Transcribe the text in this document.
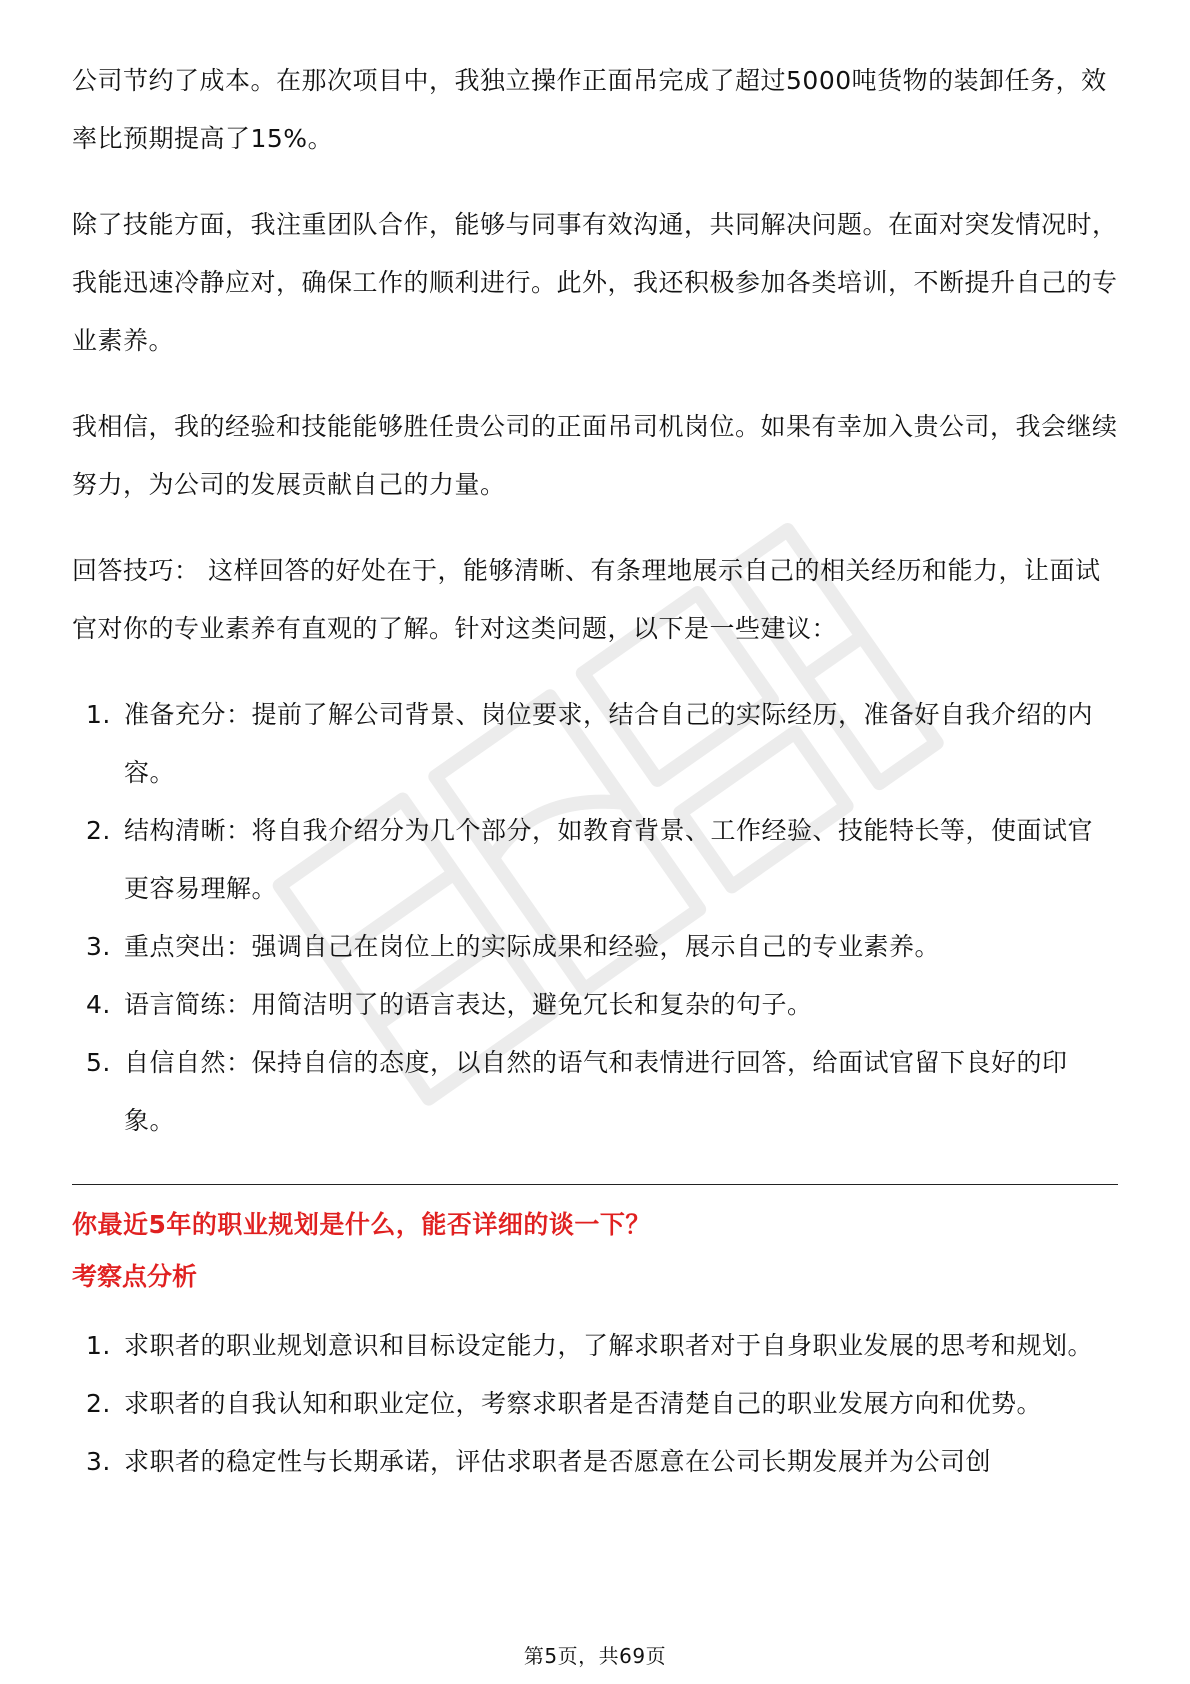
公司节约了成本。在那次项目中，我独立操作正面吊完成了超过5000吨货物的装卸任务，效率比预期提高了15%。

除了技能方面，我注重团队合作，能够与同事有效沟通，共同解决问题。在面对突发情况时，我能迅速冷静应对，确保工作的顺利进行。此外，我还积极参加各类培训，不断提升自己的专业素养。

我相信，我的经验和技能能够胜任贵公司的正面吊司机岗位。如果有幸加入贵公司，我会继续努力，为公司的发展贡献自己的力量。

回答技巧： 这样回答的好处在于，能够清晰、有条理地展示自己的相关经历和能力，让面试官对你的专业素养有直观的了解。针对这类问题，以下是一些建议：

1. 准备充分：提前了解公司背景、岗位要求，结合自己的实际经历，准备好自我介绍的内容。
2. 结构清晰：将自我介绍分为几个部分，如教育背景、工作经验、技能特长等，使面试官更容易理解。
3. 重点突出：强调自己在岗位上的实际成果和经验，展示自己的专业素养。
4. 语言简练：用简洁明了的语言表达，避免冗长和复杂的句子。
5. 自信自然：保持自信的态度，以自然的语气和表情进行回答，给面试官留下良好的印象。
你最近5年的职业规划是什么，能否详细的谈一下？
考察点分析
1. 求职者的职业规划意识和目标设定能力，了解求职者对于自身职业发展的思考和规划。
2. 求职者的自我认知和职业定位，考察求职者是否清楚自己的职业发展方向和优势。
3. 求职者的稳定性与长期承诺，评估求职者是否愿意在公司长期发展并为公司创
第5页，共69页
